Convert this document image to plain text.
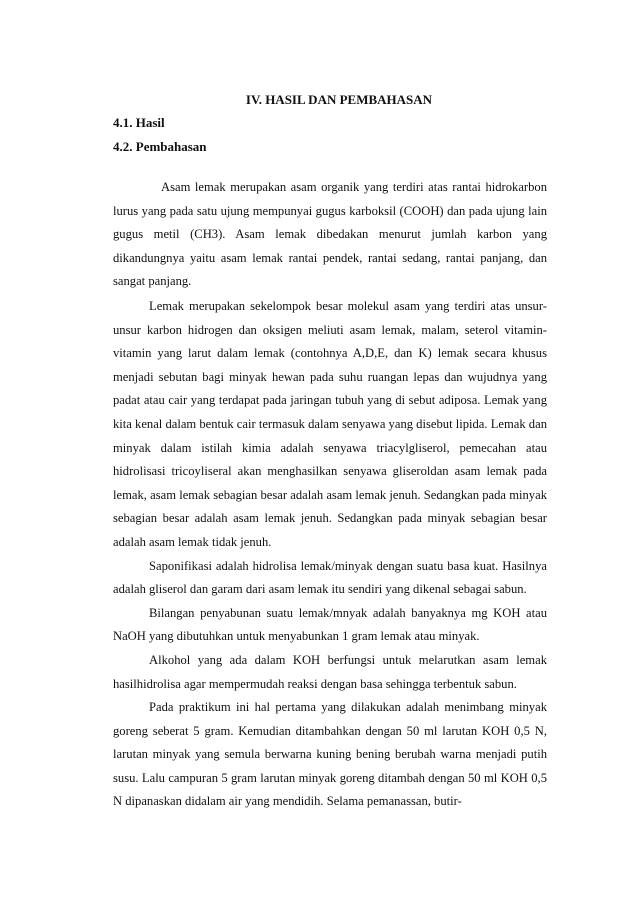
IV. HASIL DAN PEMBAHASAN
4.1. Hasil
4.2. Pembahasan

Asam lemak merupakan asam organik yang terdiri atas rantai hidrokarbon lurus yang pada satu ujung mempunyai gugus karboksil (COOH) dan pada ujung lain gugus metil (CH3). Asam lemak dibedakan menurut jumlah karbon yang dikandungnya yaitu asam lemak rantai pendek, rantai sedang, rantai panjang, dan sangat panjang.

Lemak merupakan sekelompok besar molekul asam yang terdiri atas unsur-unsur karbon hidrogen dan oksigen meliuti asam lemak, malam, seterol vitamin-vitamin yang larut dalam lemak (contohnya A,D,E, dan K) lemak secara khusus menjadi sebutan bagi minyak hewan pada suhu ruangan lepas dan wujudnya yang padat atau cair yang terdapat pada jaringan tubuh yang di sebut adiposa. Lemak yang kita kenal dalam bentuk cair termasuk dalam senyawa yang disebut lipida. Lemak dan minyak dalam istilah kimia adalah senyawa triacylgliserol, pemecahan atau hidrolisasi tricoyliseral akan menghasilkan senyawa gliseroldan asam lemak pada lemak, asam lemak sebagian besar adalah asam lemak jenuh. Sedangkan pada minyak sebagian besar adalah asam lemak jenuh. Sedangkan pada minyak sebagian besar adalah asam lemak tidak jenuh.

Saponifikasi adalah hidrolisa lemak/minyak dengan suatu basa kuat. Hasilnya adalah gliserol dan garam dari asam lemak itu sendiri yang dikenal sebagai sabun.

Bilangan penyabunan suatu lemak/mnyak adalah banyaknya mg KOH atau NaOH yang dibutuhkan untuk menyabunkan 1 gram lemak atau minyak.

Alkohol yang ada dalam KOH berfungsi untuk melarutkan asam lemak hasilhidrolisa agar mempermudah reaksi dengan basa sehingga terbentuk sabun.

Pada praktikum ini hal pertama yang dilakukan adalah menimbang minyak goreng seberat 5 gram. Kemudian ditambahkan dengan 50 ml larutan KOH 0,5 N, larutan minyak yang semula berwarna kuning bening berubah warna menjadi putih susu. Lalu campuran 5 gram larutan minyak goreng ditambah dengan 50 ml KOH 0,5 N dipanaskan didalam air yang mendidih. Selama pemanassan, butir-
